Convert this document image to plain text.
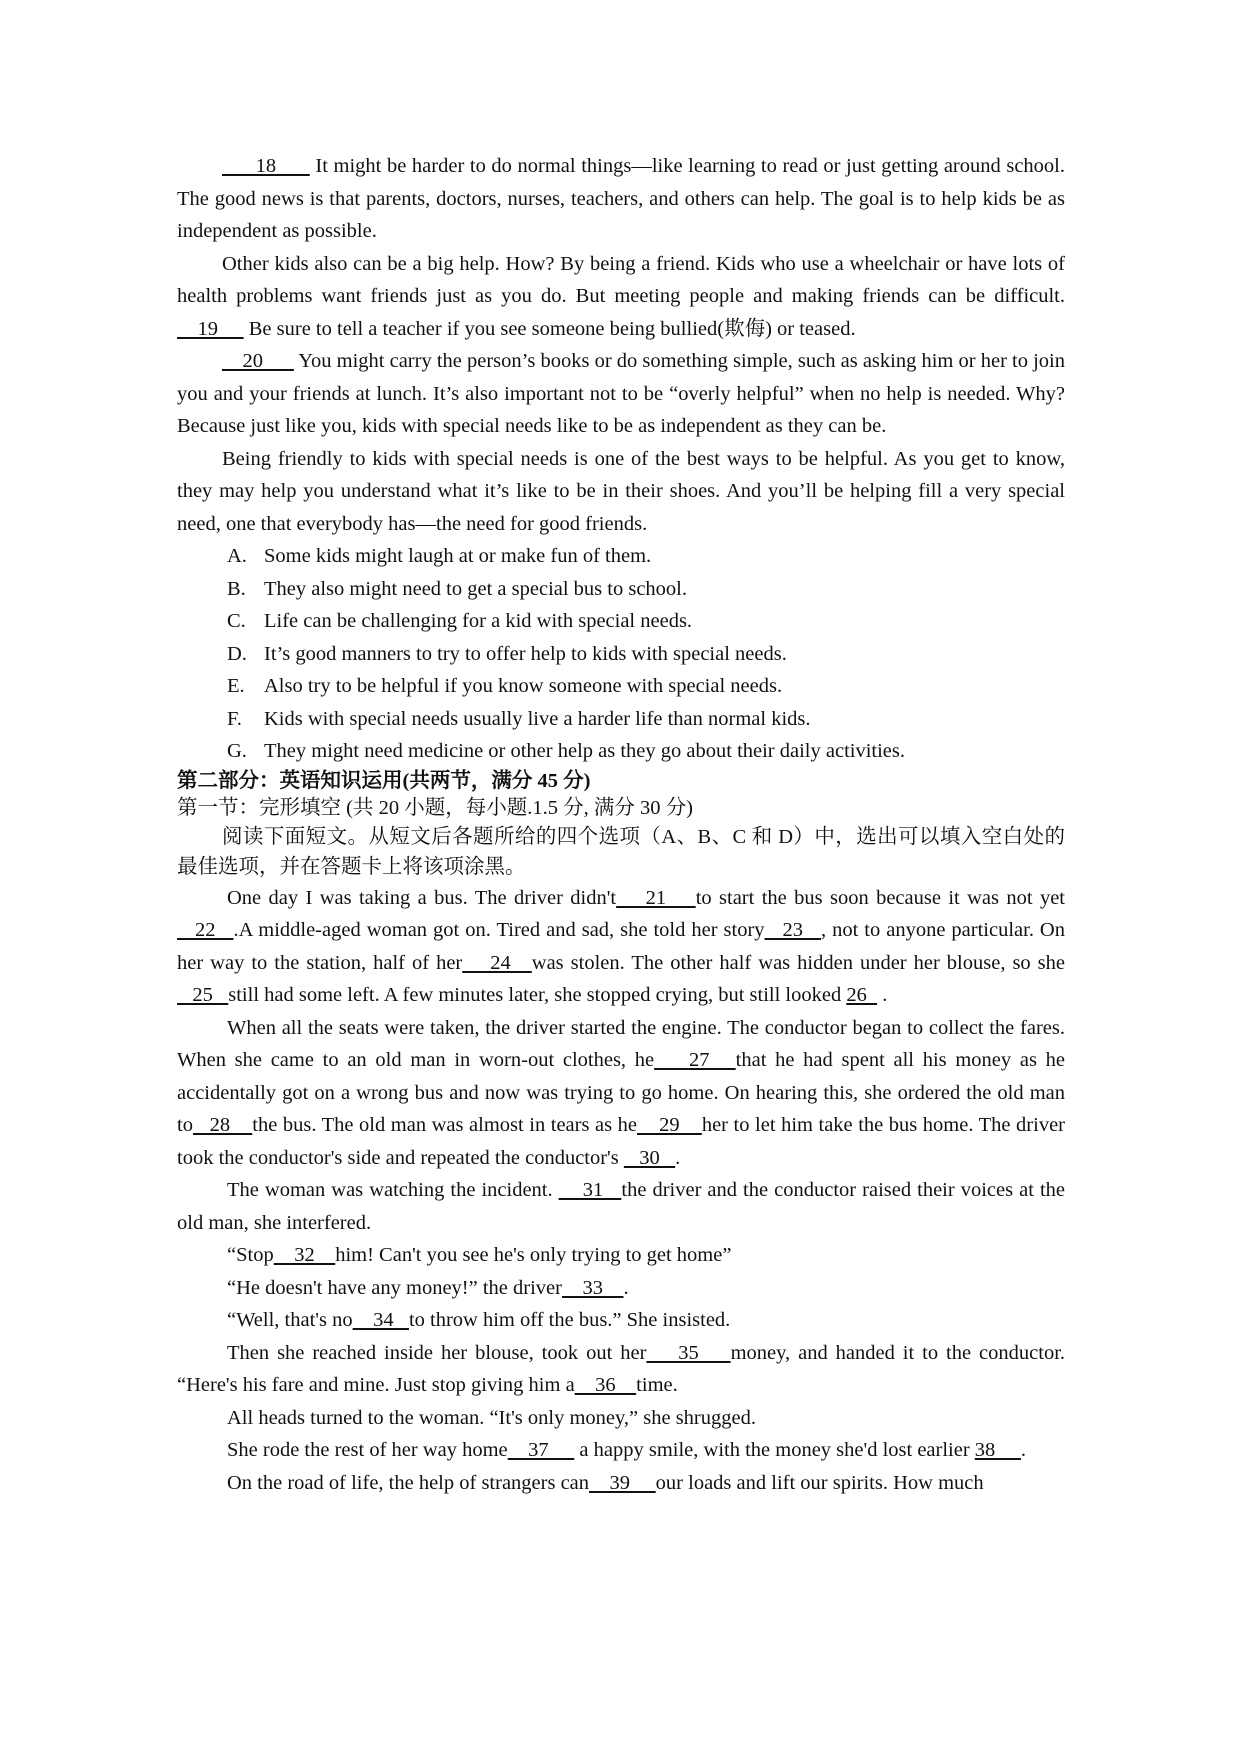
18       It might be harder to do normal things—like learning to read or just getting around school. The good news is that parents, doctors, nurses, teachers, and others can help. The goal is to help kids be as independent as possible.

Other kids also can be a big help. How? By being a friend. Kids who use a wheelchair or have lots of health problems want friends just as you do. But meeting people and making friends can be difficult.     19      Be sure to tell a teacher if you see someone being bullied(欺侮) or teased.

20       You might carry the person’s books or do something simple, such as asking him or her to join you and your friends at lunch. It’s also important not to be “overly helpful” when no help is needed. Why? Because just like you, kids with special needs like to be as independent as they can be.

Being friendly to kids with special needs is one of the best ways to be helpful. As you get to know, they may help you understand what it’s like to be in their shoes. And you’ll be helping fill a very special need, one that everybody has—the need for good friends.

A. Some kids might laugh at or make fun of them.
B. They also might need to get a special bus to school.
C. Life can be challenging for a kid with special needs.
D. It’s good manners to try to offer help to kids with special needs.
E. Also try to be helpful if you know someone with special needs.
F.	Kids with special needs usually live a harder life than normal kids.
G. They might need medicine or other help as they go about their daily activities.

第二部分：英语知识运用(共两节，满分 45 分)

第一节：完形填空 (共 20 小题，每小题.1.5 分, 满分 30 分)

阅读下面短文。从短文后各题所给的四个选项（A、B、C 和 D）中，选出可以填入空白处的最佳选项，并在答题卡上将该项涂黑。

One day I was taking a bus. The driver didn't    21    to start the bus soon because it was not yet   22   .A middle-aged woman got on. Tired and sad, she told her story   23   , not to anyone particular. On her way to the station, half of her    24   was stolen. The other half was hidden under her blouse, so she   25   still had some left. A few minutes later, she stopped crying, but still looked 26   .

When all the seats were taken, the driver started the engine. The conductor began to collect the fares. When she came to an old man in worn-out clothes, he    27   that he had spent all his money as he accidentally got on a wrong bus and now was trying to go home. On hearing this, she ordered the old man to   28    the bus. The old man was almost in tears as he    29    her to let him take the bus home. The driver took the conductor's side and repeated the conductor's    30   .

The woman was watching the incident.     31   the driver and the conductor raised their voices at the old man, she interfered.

“Stop    32    him! Can't you see he's only trying to get home”

“He doesn't have any money!” the driver    33    .

“Well, that's no    34   to throw him off the bus.” She insisted.

Then she reached inside her blouse, took out her    35    money, and handed it to the conductor. “Here's his fare and mine. Just stop giving him a    36    time.

All heads turned to the woman. “It's only money,” she shrugged.

She rode the rest of her way home    37      a happy smile, with the money she'd lost earlier 38     .

On the road of life, the help of strangers can    39     our loads and lift our spirits. How much
